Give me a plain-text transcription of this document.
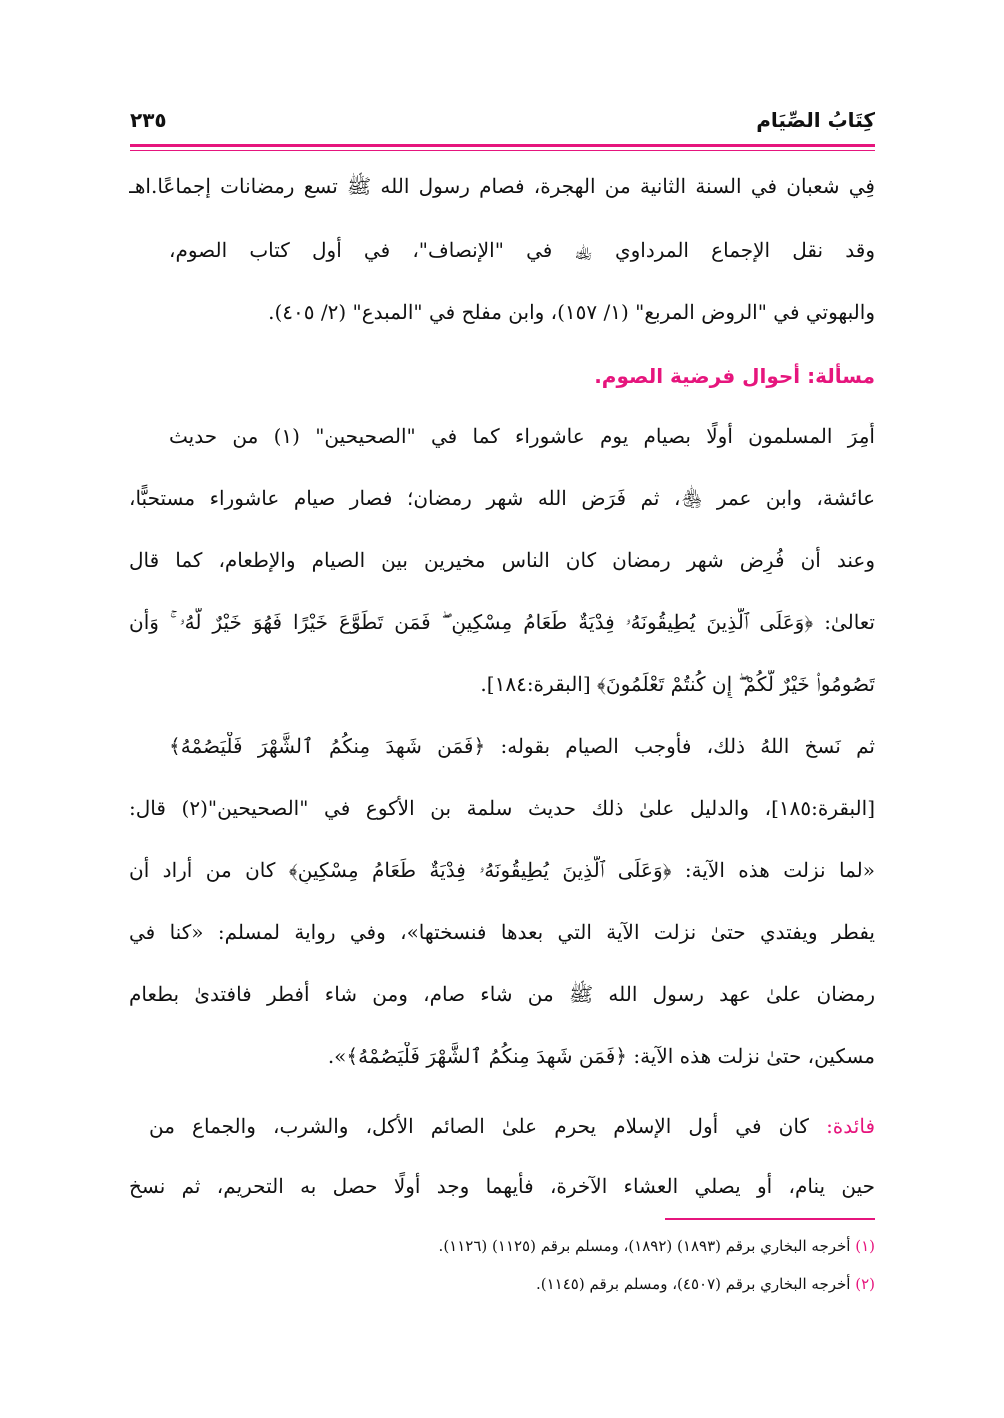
كِتَابُ الصِّيَام
٢٣٥
فِي شعبان في السنة الثانية من الهجرة، فصام رسول الله ﷺ تسع رمضانات إجماعًا.اهـ
وقد نقل الإجماع المرداوي ﵀ في "الإنصاف"، في أول كتاب الصوم،
والبهوتي في "الروض المربع" (١/ ١٥٧)، وابن مفلح في "المبدع" (٢/ ٤٠٥).
مسألة: أحوال فرضية الصوم.
أُمِرَ المسلمون أولًا بصيام يوم عاشوراء كما في "الصحيحين" (١) من حديث
عائشة، وابن عمر ﵃، ثم فَرَض الله شهر رمضان؛ فصار صيام عاشوراء مستحبًّا،
وعند أن فُرِض شهر رمضان كان الناس مخيرين بين الصيام والإطعام، كما قال
تعالىٰ: ﴿وَعَلَى ٱلَّذِينَ يُطِيقُونَهُۥ فِدْيَةٌ طَعَامُ مِسْكِينٍ ۖ فَمَن تَطَوَّعَ خَيْرًا فَهُوَ خَيْرٌ لَّهُۥ ۚ وَأَن
تَصُومُوا۟ خَيْرٌ لَّكُمْ ۖ إِن كُنتُمْ تَعْلَمُونَ﴾ [البقرة:١٨٤].
ثم نَسخ اللهُ ذلك، فأوجب الصيام بقوله: ﴿فَمَن شَهِدَ مِنكُمُ ٱلشَّهْرَ فَلْيَصُمْهُ﴾
[البقرة:١٨٥]، والدليل علىٰ ذلك حديث سلمة بن الأكوع في "الصحيحين"(٢) قال:
«لما نزلت هذه الآية: ﴿وَعَلَى ٱلَّذِينَ يُطِيقُونَهُۥ فِدْيَةٌ طَعَامُ مِسْكِينٍ﴾ كان من أراد أن
يفطر ويفتدي حتىٰ نزلت الآية التي بعدها فنسختها»، وفي رواية لمسلم: «كنا في
رمضان علىٰ عهد رسول الله ﷺ من شاء صام، ومن شاء أفطر فافتدىٰ بطعام
مسكين، حتىٰ نزلت هذه الآية: ﴿فَمَن شَهِدَ مِنكُمُ ٱلشَّهْرَ فَلْيَصُمْهُ﴾».
فائدة: كان في أول الإسلام يحرم علىٰ الصائم الأكل، والشرب، والجماع من
حين ينام، أو يصلي العشاء الآخرة، فأيهما وجد أولًا حصل به التحريم، ثم نسخ
(١) أخرجه البخاري برقم (١٨٩٣) (١٨٩٢)، ومسلم برقم (١١٢٥) (١١٢٦).
(٢) أخرجه البخاري برقم (٤٥٠٧)، ومسلم برقم (١١٤٥).
